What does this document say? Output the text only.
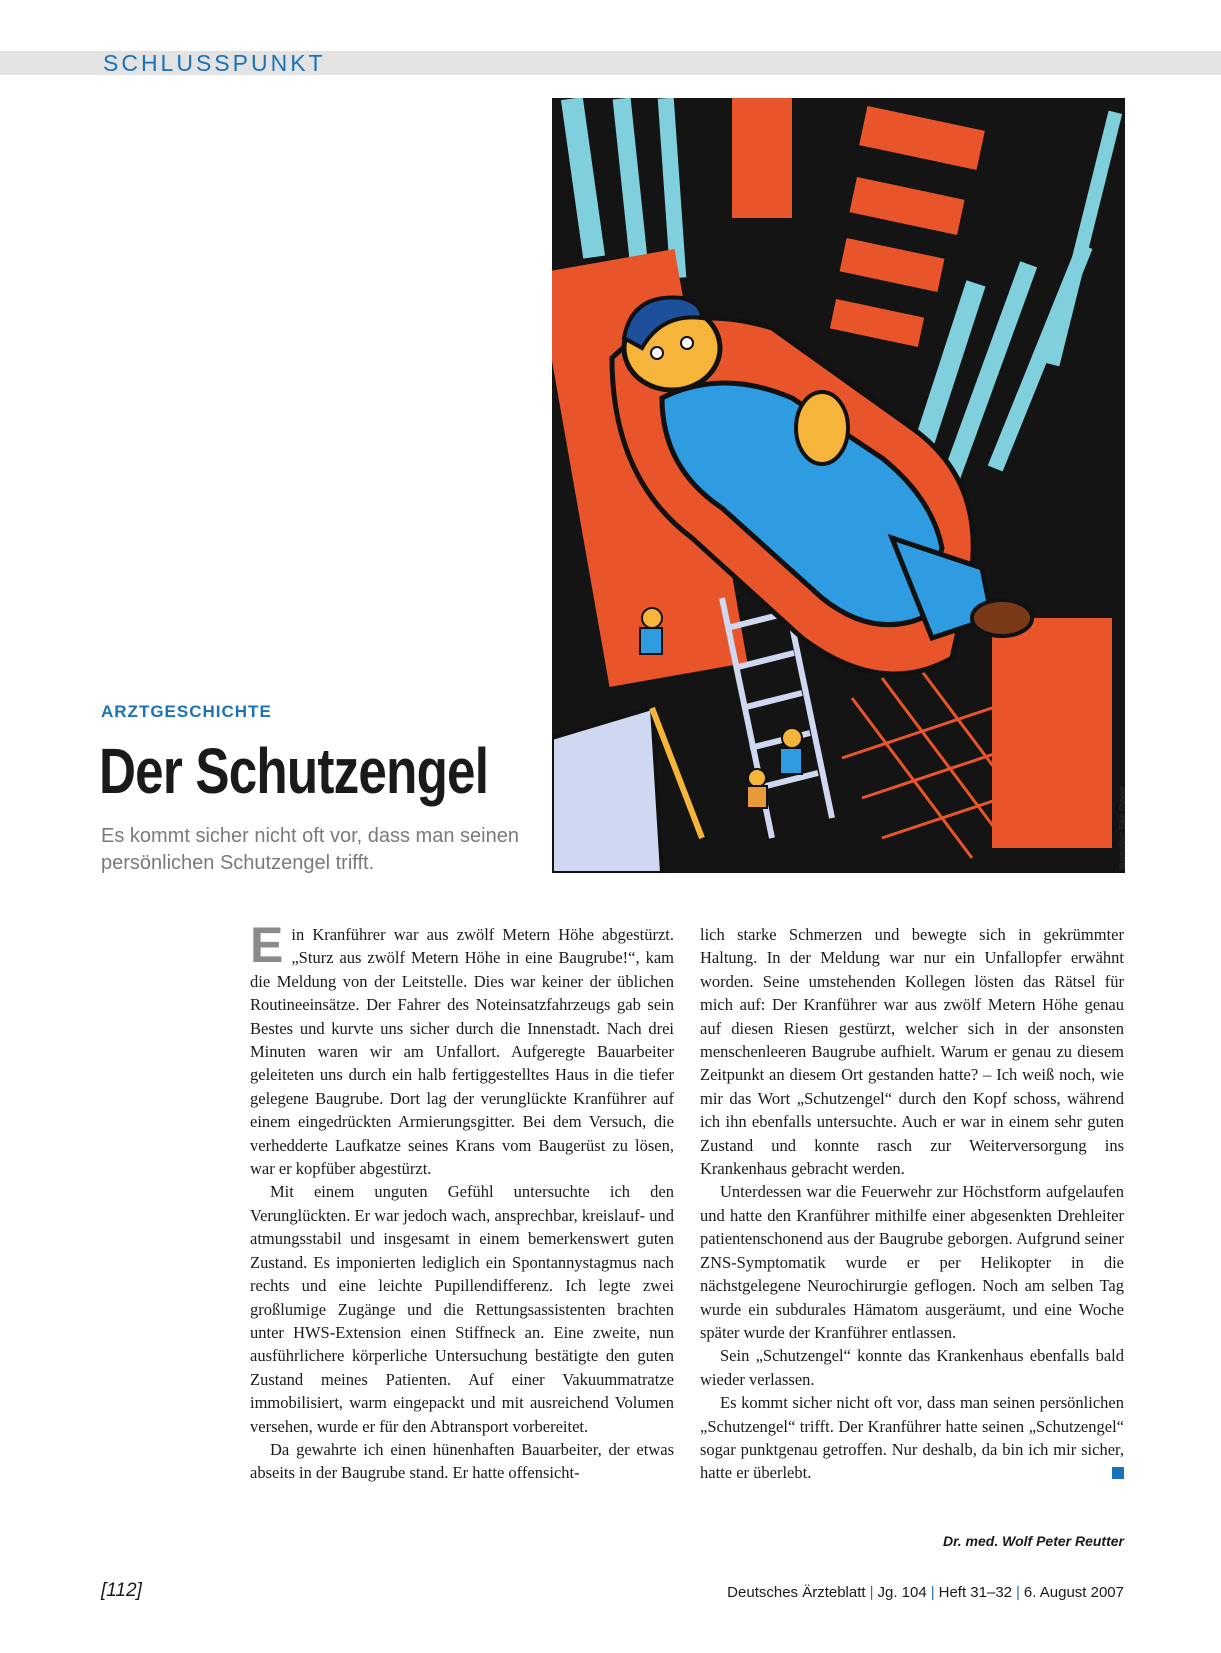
SCHLUSSPUNKT
Illustration: Elke Steiner
ARZTGESCHICHTE
Der Schutzengel
Es kommt sicher nicht oft vor, dass man seinen persönlichen Schutzengel trifft.

Ein Kranführer war aus zwölf Metern Höhe abgestürzt. „Sturz aus zwölf Metern Höhe in eine Baugrube!“, kam die Meldung von der Leitstelle. Dies war keiner der üblichen Routineeinsätze. Der Fahrer des Noteinsatzfahrzeugs gab sein Bestes und kurvte uns sicher durch die Innenstadt. Nach drei Minuten waren wir am Unfallort. Aufgeregte Bauarbeiter geleiteten uns durch ein halb fertiggestelltes Haus in die tiefer gelegene Baugrube. Dort lag der verunglückte Kranführer auf einem eingedrückten Armierungsgitter. Bei dem Versuch, die verhedderte Laufkatze seines Krans vom Baugerüst zu lösen, war er kopfüber abgestürzt.

Mit einem unguten Gefühl untersuchte ich den Verunglückten. Er war jedoch wach, ansprechbar, kreislauf- und atmungsstabil und insgesamt in einem bemerkenswert guten Zustand. Es imponierten lediglich ein Spontannystagmus nach rechts und eine leichte Pupillendifferenz. Ich legte zwei großlumige Zugänge und die Rettungsassistenten brachten unter HWS-Extension einen Stiffneck an. Eine zweite, nun ausführlichere körperliche Untersuchung bestätigte den guten Zustand meines Patienten. Auf einer Vakuummatratze immobilisiert, warm eingepackt und mit ausreichend Volumen versehen, wurde er für den Abtransport vorbereitet.

Da gewahrte ich einen hünenhaften Bauarbeiter, der etwas abseits in der Baugrube stand. Er hatte offensicht-

lich starke Schmerzen und bewegte sich in gekrümmter Haltung. In der Meldung war nur ein Unfallopfer erwähnt worden. Seine umstehenden Kollegen lösten das Rätsel für mich auf: Der Kranführer war aus zwölf Metern Höhe genau auf diesen Riesen gestürzt, welcher sich in der ansonsten menschenleeren Baugrube aufhielt. Warum er genau zu diesem Zeitpunkt an diesem Ort gestanden hatte? – Ich weiß noch, wie mir das Wort „Schutzengel“ durch den Kopf schoss, während ich ihn ebenfalls untersuchte. Auch er war in einem sehr guten Zustand und konnte rasch zur Weiterversorgung ins Krankenhaus gebracht werden.

Unterdessen war die Feuerwehr zur Höchstform aufgelaufen und hatte den Kranführer mithilfe einer abgesenkten Drehleiter patientenschonend aus der Baugrube geborgen. Aufgrund seiner ZNS-Symptomatik wurde er per Helikopter in die nächstgelegene Neurochirurgie geflogen. Noch am selben Tag wurde ein subdurales Hämatom ausgeräumt, und eine Woche später wurde der Kranführer entlassen.

Sein „Schutzengel“ konnte das Krankenhaus ebenfalls bald wieder verlassen.

Es kommt sicher nicht oft vor, dass man seinen persönlichen „Schutzengel“ trifft. Der Kranführer hatte seinen „Schutzengel“ sogar punktgenau getroffen. Nur deshalb, da bin ich mir sicher, hatte er überlebt.

Dr. med. Wolf Peter Reutter
[112]	Deutsches Ärzteblatt | Jg. 104 | Heft 31–32 | 6. August 2007
